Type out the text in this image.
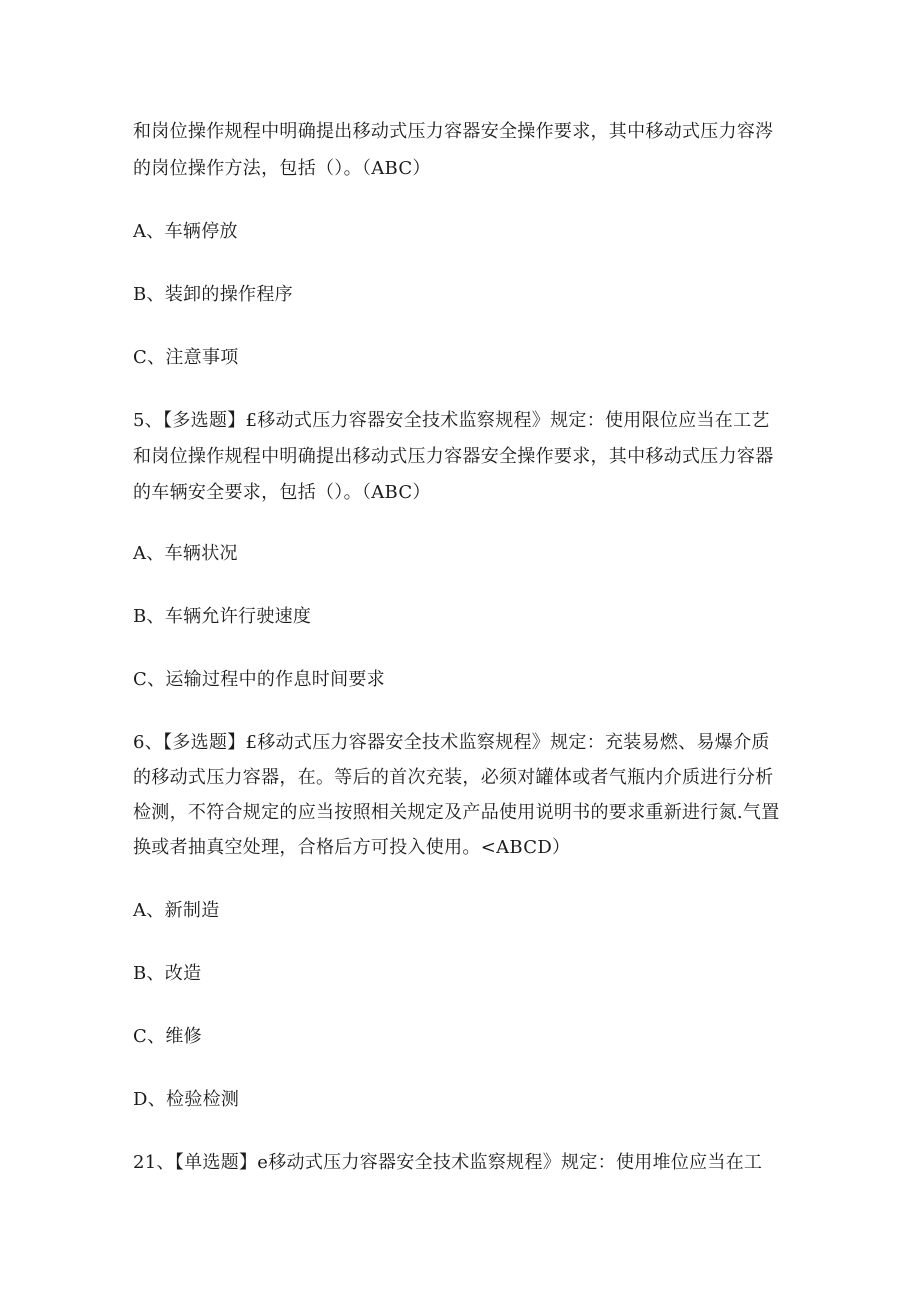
和岗位操作规程中明确提出移动式压力容器安全操作要求，其中移动式压力容涔
的岗位操作方法，包括（）。（ABC）
A、车辆停放
B、装卸的操作程序
C、注意事项
5、【多选题】£移动式压力容器安全技术监察规程》规定：使用限位应当在工艺
和岗位操作规程中明确提出移动式压力容器安全操作要求，其中移动式压力容器
的车辆安全要求，包括（）。（ABC）
A、车辆状况
B、车辆允许行驶速度
C、运输过程中的作息时间要求
6、【多选题】£移动式压力容器安全技术监察规程》规定：充装易燃、易爆介质
的移动式压力容器，在。等后的首次充装，必须对罐体或者气瓶内介质进行分析
检测，不符合规定的应当按照相关规定及产品使用说明书的要求重新进行氮.气置
换或者抽真空处理，合格后方可投入使用。<ABCD）
A、新制造
B、改造
C、维修
D、检验检测
21、【单选题】e移动式压力容器安全技术监察规程》规定：使用堆位应当在工
